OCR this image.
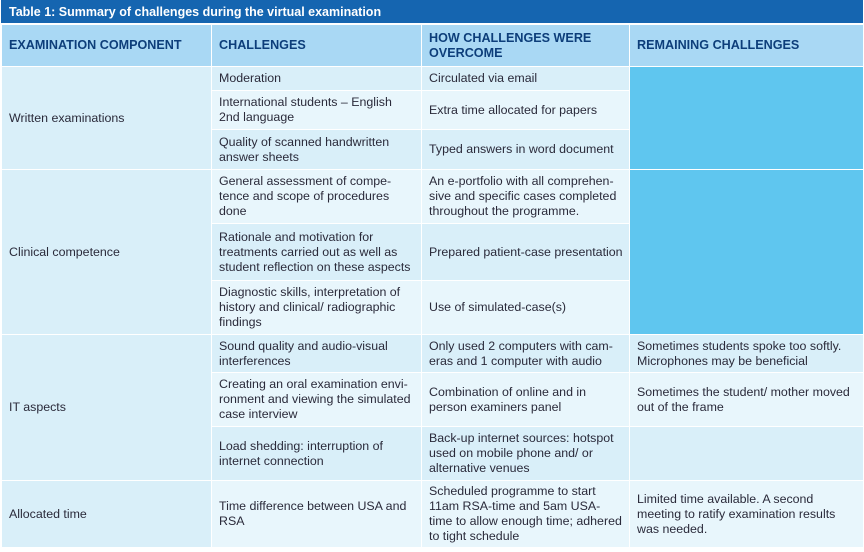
Table 1: Summary of challenges during the virtual examination
EXAMINATION COMPONENT	CHALLENGES	HOW CHALLENGES WERE OVERCOME	REMAINING CHALLENGES
Written examinations	Moderation	Circulated via email	
	International students – English 2nd language	Extra time allocated for papers	
	Quality of scanned handwritten answer sheets	Typed answers in word document	
Clinical competence	General assessment of compe-tence and scope of procedures done	An e-portfolio with all comprehen-sive and specific cases completed throughout the programme.	
	Rationale and motivation for treatments carried out as well as student reflection on these aspects	Prepared patient-case presentation	
	Diagnostic skills, interpretation of history and clinical/ radiographic findings	Use of simulated-case(s)	
IT aspects	Sound quality and audio-visual interferences	Only used 2 computers with cam-eras and 1 computer with audio	Sometimes students spoke too softly. Microphones may be beneficial
	Creating an oral examination envi-ronment and viewing the simulated case interview	Combination of online and in person examiners panel	Sometimes the student/ mother moved out of the frame
	Load shedding: interruption of internet connection	Back-up internet sources: hotspot used on mobile phone and/ or alternative venues	
Allocated time	Time difference between USA and RSA	Scheduled programme to start 11am RSA-time and 5am USA-time to allow enough time; adhered to tight schedule	Limited time available. A second meeting to ratify examination results was needed.
